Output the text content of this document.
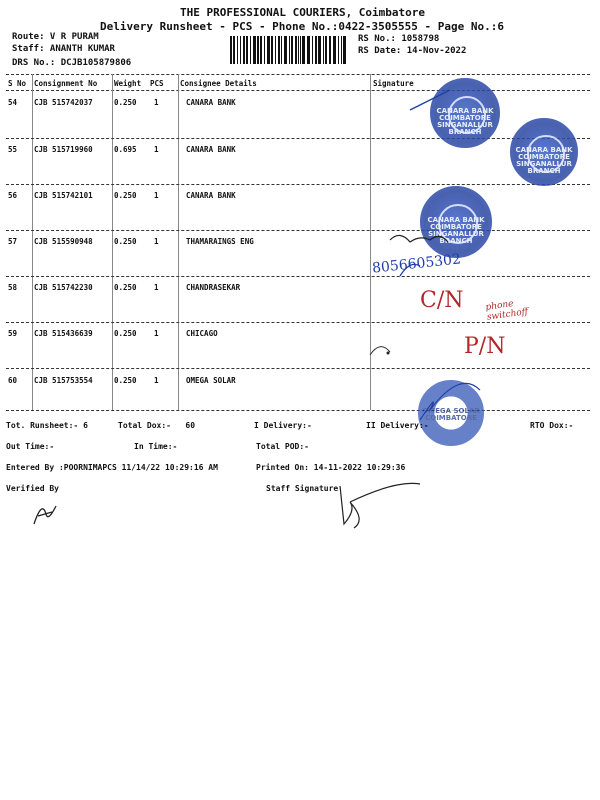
THE PROFESSIONAL COURIERS, Coimbatore
Delivery Runsheet - PCS - Phone No.:0422-3505555 - Page No.:6
Route: V R PURAM
Staff: ANANTH KUMAR
DRS No.: DCJB105879806
RS No.: 1058798
RS Date: 14-Nov-2022
S No Consignment No Weight PCS Consignee Details	Signature
54 CJB 515742037	0.250 1	CANARA BANK
55 CJB 515719960	0.695 1	CANARA BANK
56 CJB 515742101	0.250 1	CANARA BANK
57 CJB 515590948	0.250 1	THAMARAINGS ENG
58 CJB 515742230	0.250 1	CHANDRASEKAR
59 CJB 515436639	0.250 1	CHICAGO
60 CJB 515753554	0.250 1	OMEGA SOLAR
CANARA BANK COIMBATORE SINGANALLUR BRANCH
CANARA BANK COIMBATORE SINGANALLUR BRANCH
CANARA BANK COIMBATORE SINGANALLUR BRANCH
OMEGA SOLAR COIMBATORE
8056605302
C/N phone switchoff
P/N
Tot. Runsheet:- 6	Total Dox:-   60	I Delivery:-	II Delivery:-	RTO Dox:-
Out Time:-	In Time:-	Total POD:-
Entered By :POORNIMAPCS 11/14/22 10:29:16 AM	Printed On: 14-11-2022 10:29:36
Verified By	Staff Signature
